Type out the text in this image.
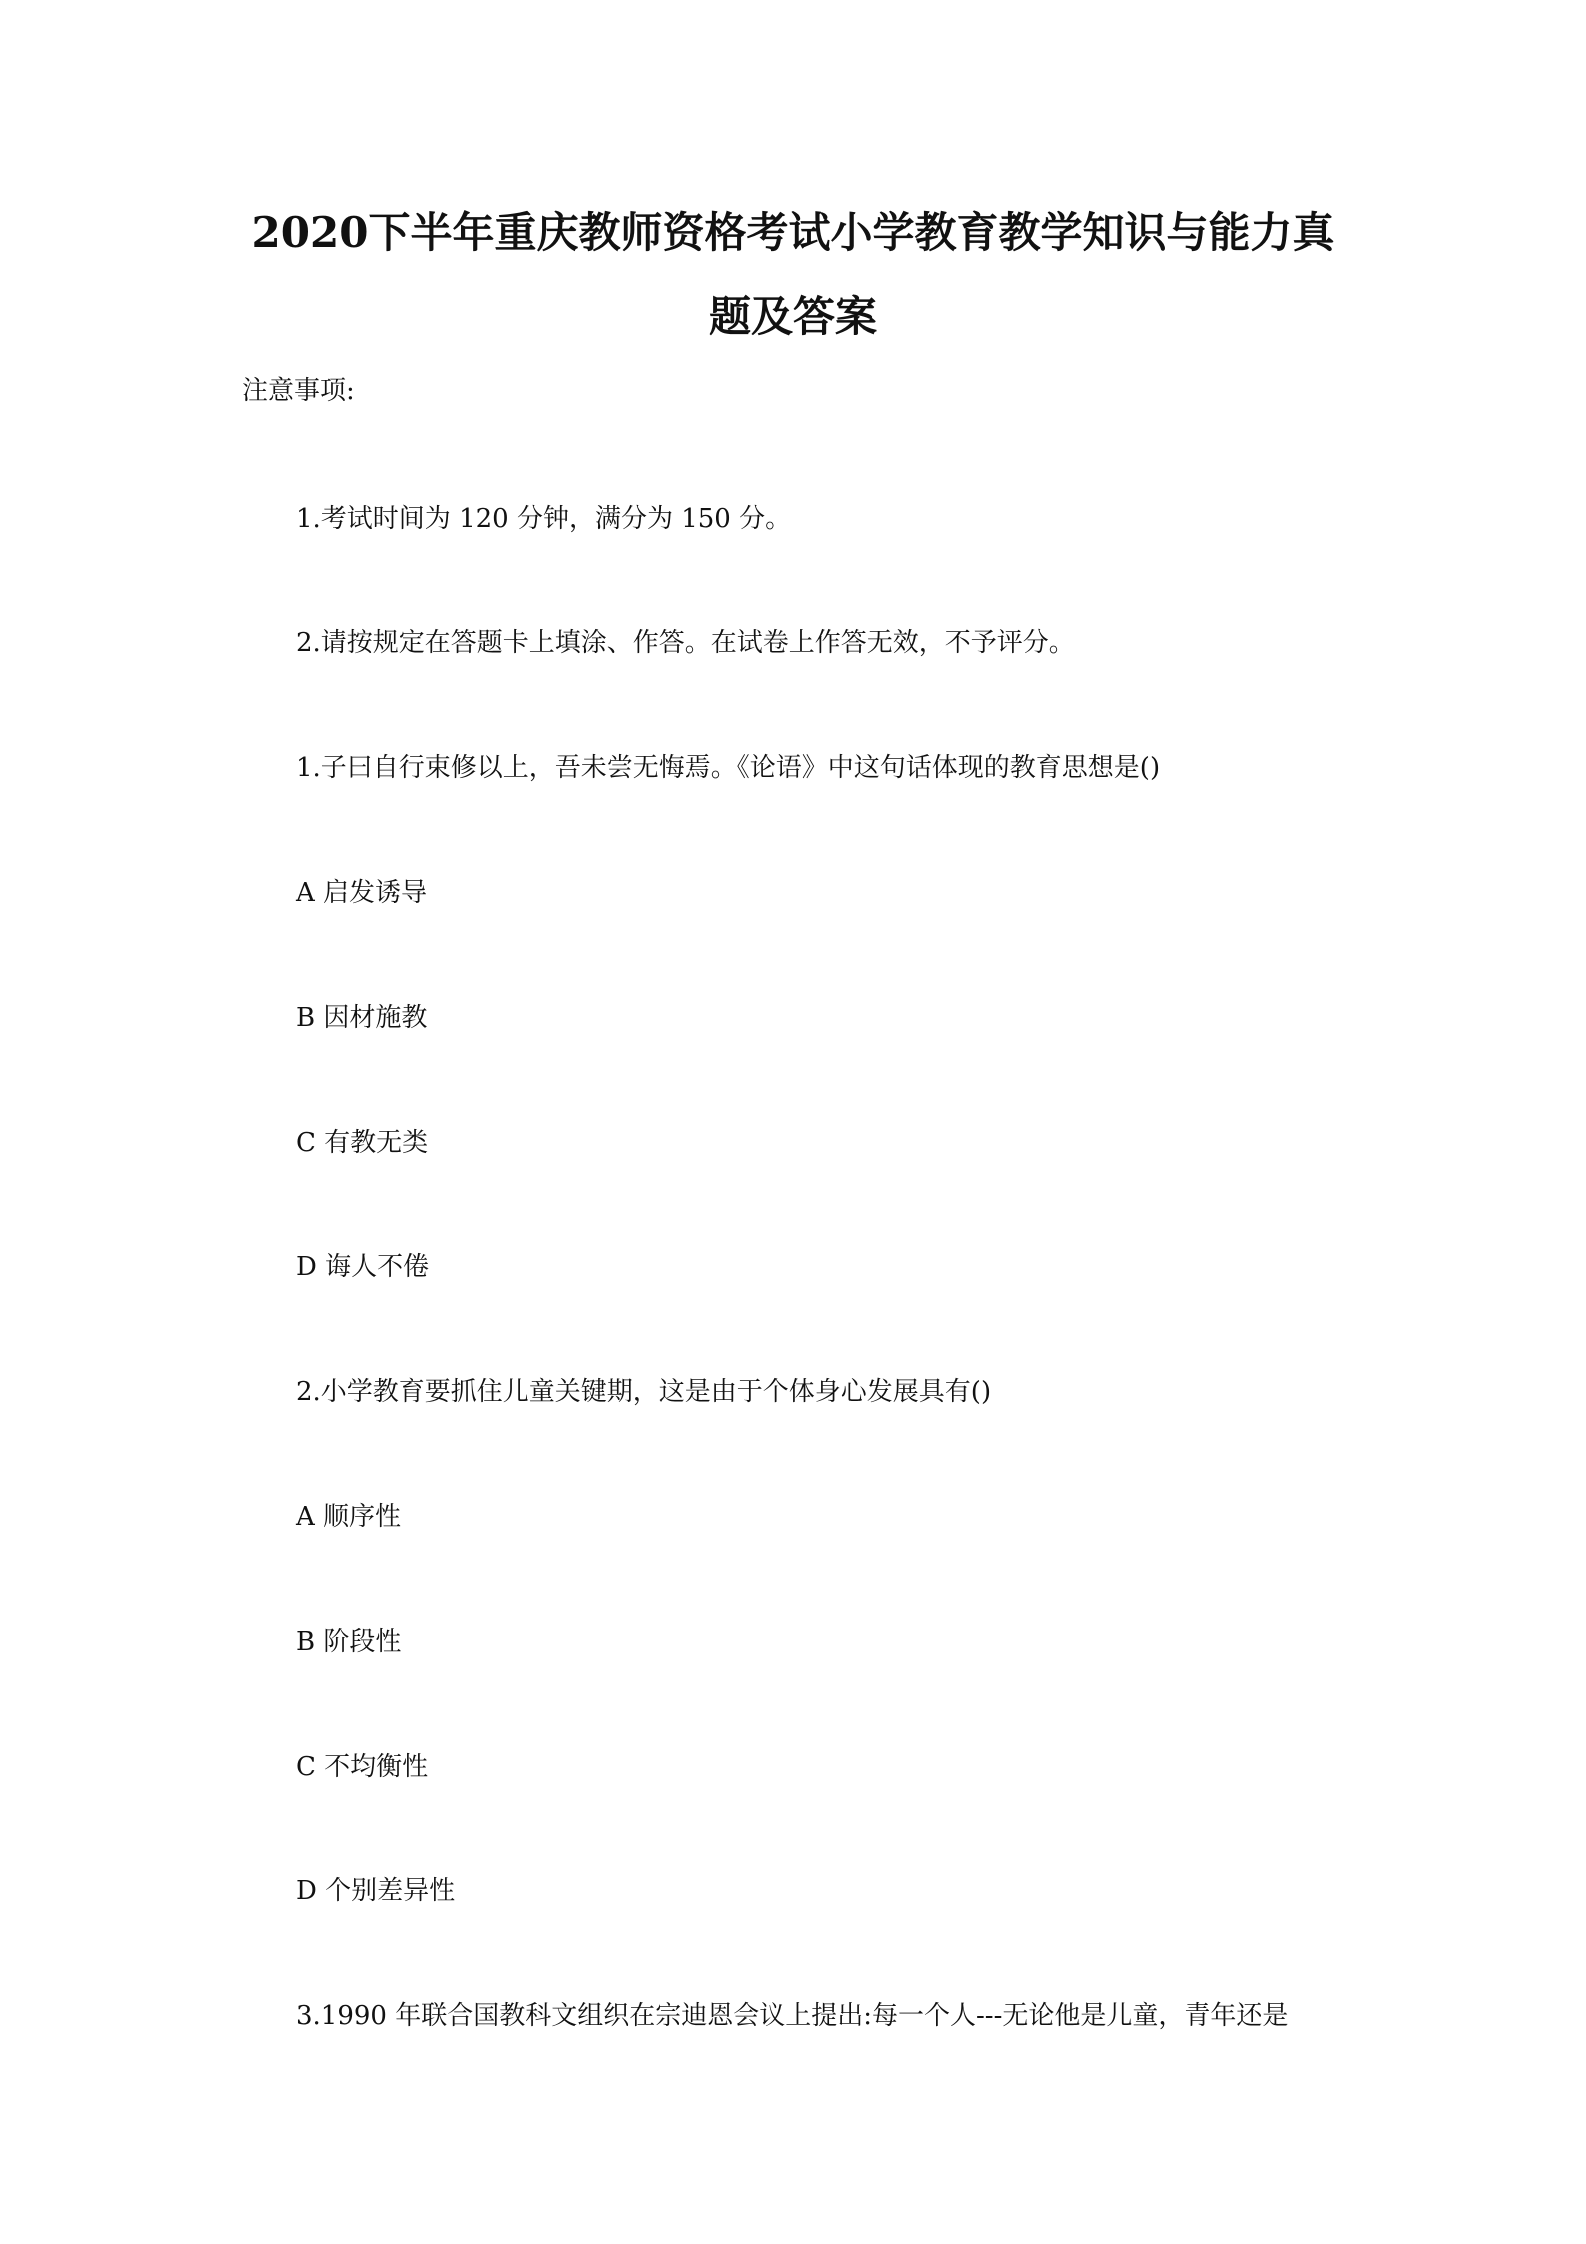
2020下半年重庆教师资格考试小学教育教学知识与能力真
题及答案
注意事项:
1.考试时间为 120 分钟，满分为 150 分。
2.请按规定在答题卡上填涂、作答。在试卷上作答无效，不予评分。
1.子曰自行束修以上，吾未尝无悔焉。《论语》中这句话体现的教育思想是()
A 启发诱导
B 因材施教
C 有教无类
D 诲人不倦
2.小学教育要抓住儿童关键期，这是由于个体身心发展具有()
A 顺序性
B 阶段性
C 不均衡性
D 个别差异性
3.1990 年联合国教科文组织在宗迪恩会议上提出:每一个人---无论他是儿童，青年还是
